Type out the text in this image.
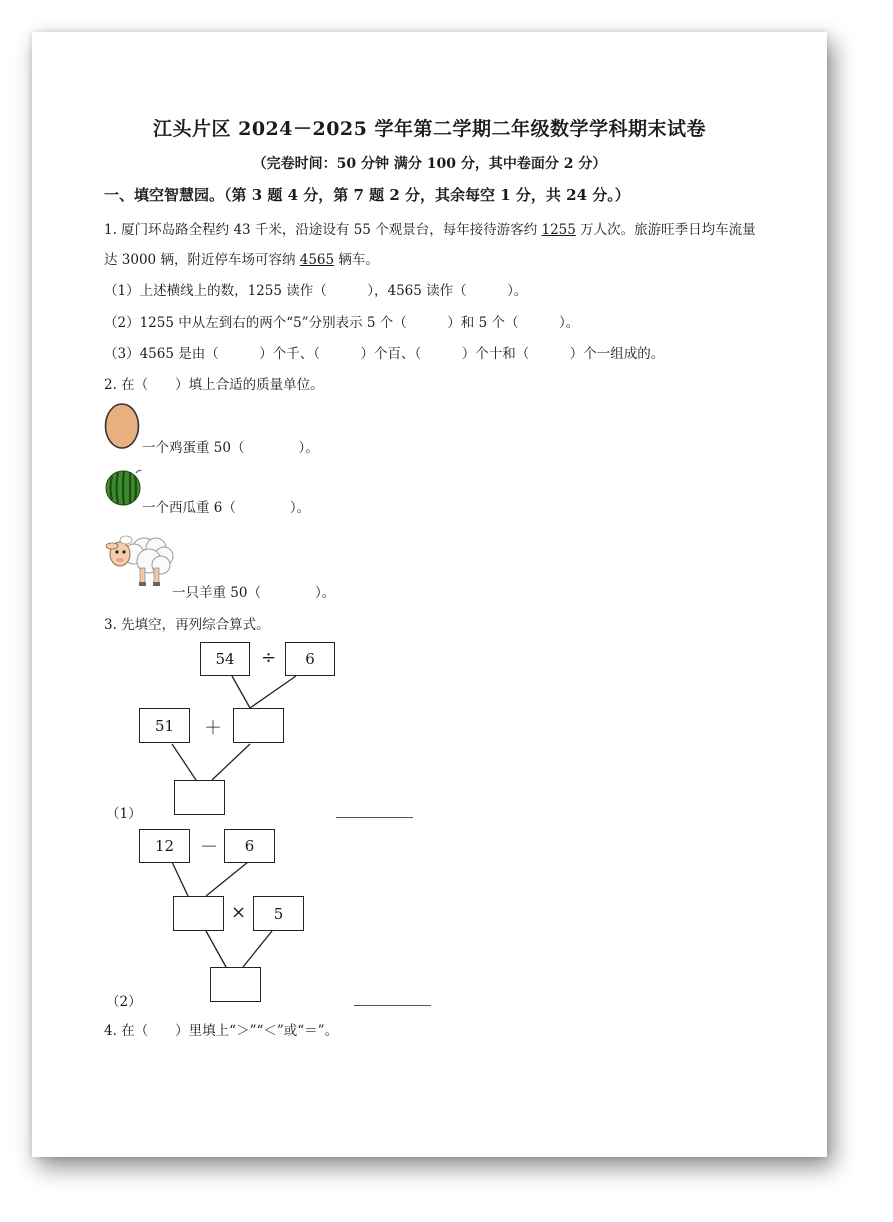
江头片区 2024－2025 学年第二学期二年级数学学科期末试卷
（完卷时间：50 分钟 满分 100 分，其中卷面分 2 分）
一、填空智慧园。（第 3 题 4 分，第 7 题 2 分，其余每空 1 分，共 24 分。）
1. 厦门环岛路全程约 43 千米，沿途设有 55 个观景台，每年接待游客约 1255 万人次。旅游旺季日均车流量
达 3000 辆，附近停车场可容纳 4565 辆车。
（1）上述横线上的数，1255 读作（　　　），4565 读作（　　　）。
（2）1255 中从左到右的两个“5”分别表示 5 个（　　　）和 5 个（　　　）。
（3）4565 是由（　　　）个千、（　　　）个百、（　　　）个十和（　　　）个一组成的。
2. 在（　　）填上合适的质量单位。
一个鸡蛋重 50（　　　　）。
一个西瓜重 6（　　　　）。
一只羊重 50（　　　　）。
3. 先填空，再列综合算式。
54	÷	6
51	＋
（1）
12	－	6
×	5
（2）
4. 在（　　）里填上“＞”“＜”或“＝”。
